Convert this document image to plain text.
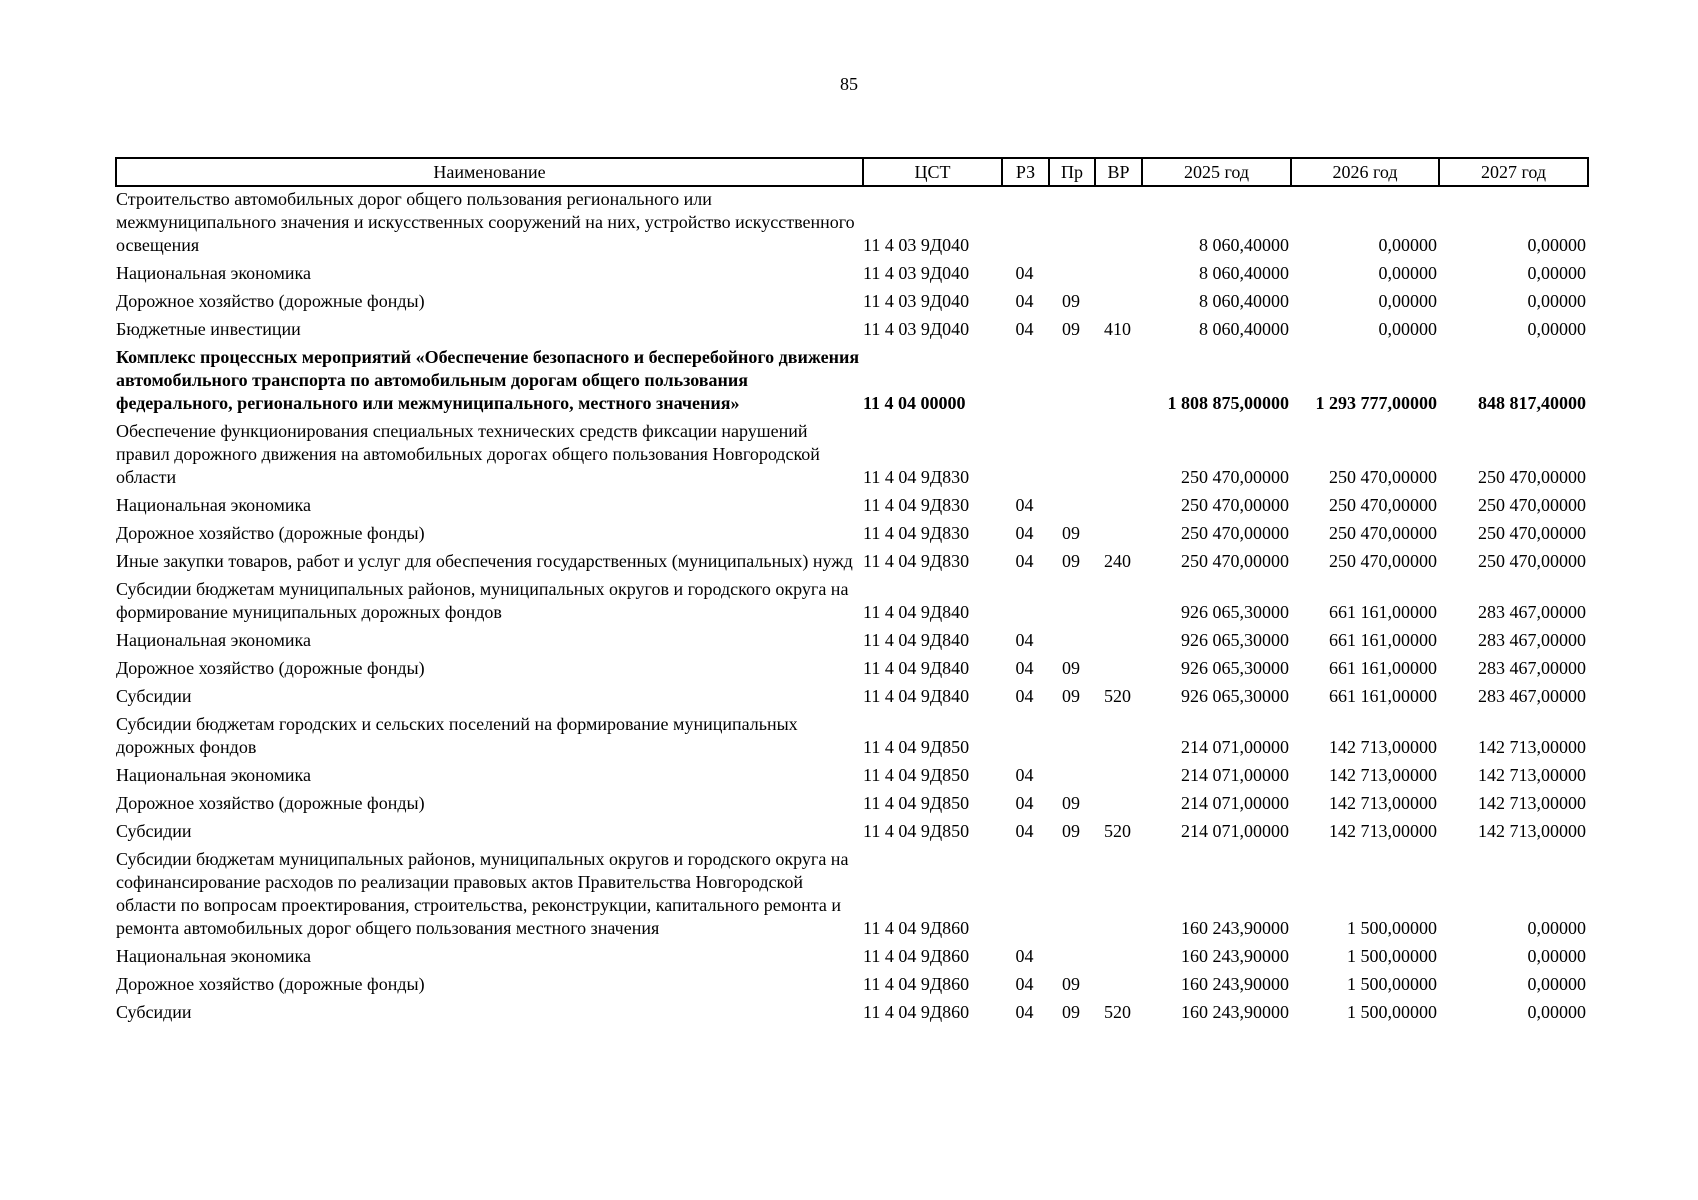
85
Наименование	ЦСТ	РЗ	Пр	ВР	2025 год	2026 год	2027 год
Строительство автомобильных дорог общего пользования регионального или межмуниципального значения и искусственных сооружений на них, устройство искусственного освещения	11 4 03 9Д040				8 060,40000	0,00000	0,00000
Национальная экономика	11 4 03 9Д040	04			8 060,40000	0,00000	0,00000
Дорожное хозяйство (дорожные фонды)	11 4 03 9Д040	04	09		8 060,40000	0,00000	0,00000
Бюджетные инвестиции	11 4 03 9Д040	04	09	410	8 060,40000	0,00000	0,00000
Комплекс процессных мероприятий «Обеспечение безопасного и бесперебойного движения автомобильного транспорта по автомобильным дорогам общего пользования федерального, регионального или межмуниципального, местного значения»	11 4 04 00000				1 808 875,00000	1 293 777,00000	848 817,40000
Обеспечение функционирования специальных технических средств фиксации нарушений правил дорожного движения на автомобильных дорогах общего пользования Новгородской области	11 4 04 9Д830				250 470,00000	250 470,00000	250 470,00000
Национальная экономика	11 4 04 9Д830	04			250 470,00000	250 470,00000	250 470,00000
Дорожное хозяйство (дорожные фонды)	11 4 04 9Д830	04	09		250 470,00000	250 470,00000	250 470,00000
Иные закупки товаров, работ и услуг для обеспечения государственных (муниципальных) нужд	11 4 04 9Д830	04	09	240	250 470,00000	250 470,00000	250 470,00000
Субсидии бюджетам муниципальных районов, муниципальных округов и городского округа на формирование муниципальных дорожных фондов	11 4 04 9Д840				926 065,30000	661 161,00000	283 467,00000
Национальная экономика	11 4 04 9Д840	04			926 065,30000	661 161,00000	283 467,00000
Дорожное хозяйство (дорожные фонды)	11 4 04 9Д840	04	09		926 065,30000	661 161,00000	283 467,00000
Субсидии	11 4 04 9Д840	04	09	520	926 065,30000	661 161,00000	283 467,00000
Субсидии бюджетам городских и сельских поселений на формирование муниципальных дорожных фондов	11 4 04 9Д850				214 071,00000	142 713,00000	142 713,00000
Национальная экономика	11 4 04 9Д850	04			214 071,00000	142 713,00000	142 713,00000
Дорожное хозяйство (дорожные фонды)	11 4 04 9Д850	04	09		214 071,00000	142 713,00000	142 713,00000
Субсидии	11 4 04 9Д850	04	09	520	214 071,00000	142 713,00000	142 713,00000
Субсидии бюджетам муниципальных районов, муниципальных округов и городского округа на софинансирование расходов по реализации правовых актов Правительства Новгородской области по вопросам проектирования, строительства, реконструкции, капитального ремонта и ремонта автомобильных дорог общего пользования местного значения	11 4 04 9Д860				160 243,90000	1 500,00000	0,00000
Национальная экономика	11 4 04 9Д860	04			160 243,90000	1 500,00000	0,00000
Дорожное хозяйство (дорожные фонды)	11 4 04 9Д860	04	09		160 243,90000	1 500,00000	0,00000
Субсидии	11 4 04 9Д860	04	09	520	160 243,90000	1 500,00000	0,00000
